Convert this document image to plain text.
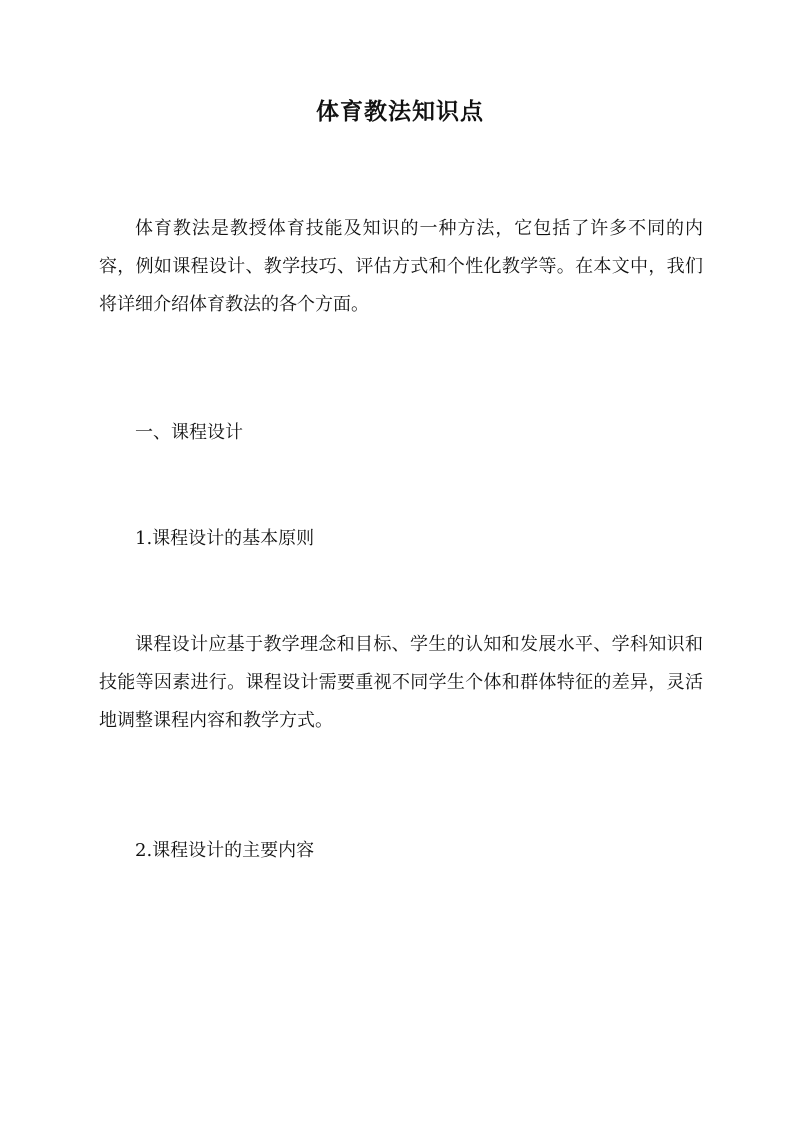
体育教法知识点

体育教法是教授体育技能及知识的一种方法，它包括了许多不同的内容，例如课程设计、教学技巧、评估方式和个性化教学等。在本文中，我们将详细介绍体育教法的各个方面。

一、课程设计

1.课程设计的基本原则

课程设计应基于教学理念和目标、学生的认知和发展水平、学科知识和技能等因素进行。课程设计需要重视不同学生个体和群体特征的差异，灵活地调整课程内容和教学方式。

2.课程设计的主要内容
